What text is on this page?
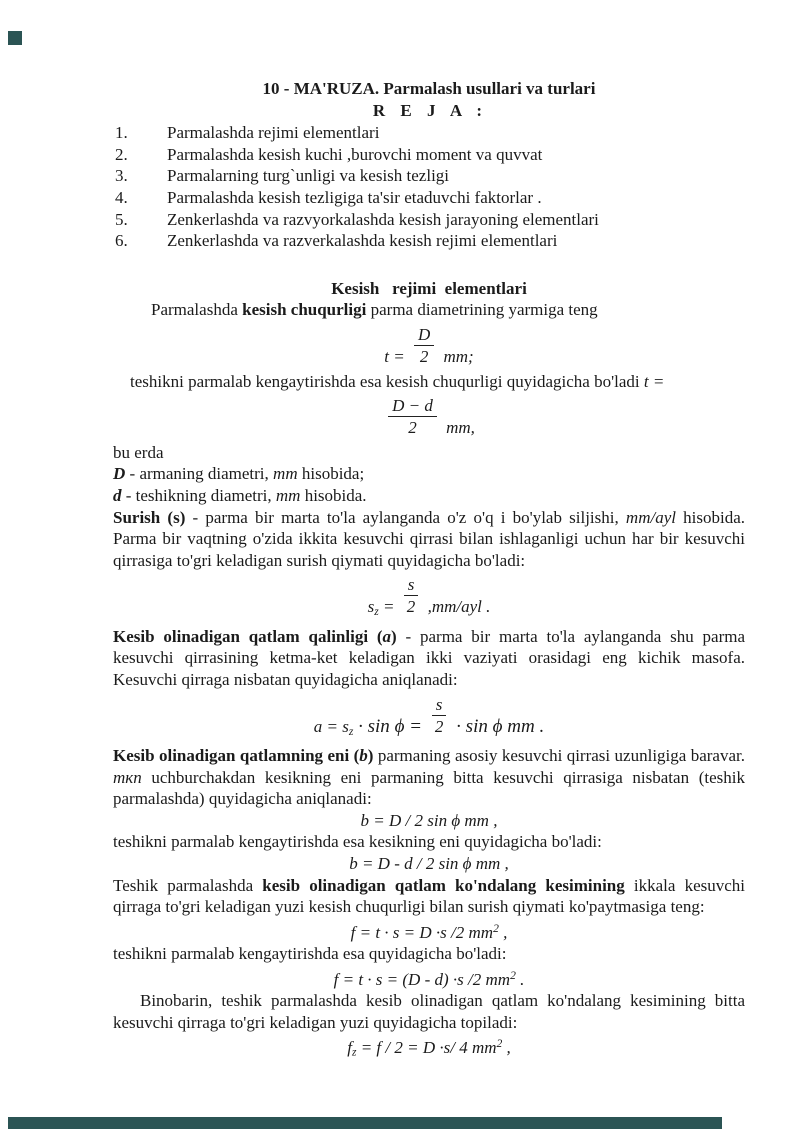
10 - MA'RUZA. Parmalash usullari va turlari
R E J A :
1.	Parmalashda rejimi elementlari
2.	Parmalashda kesish kuchi ,burovchi moment va quvvat
3.	Parmalarning turg`unligi va kesish tezligi
4.	Parmalashda kesish tezligiga ta'sir etaduvchi faktorlar .
5.	Zenkerlashda va razvyorkalashda kesish jarayoning elementlari
6.	Zenkerlashda va razverkalashda kesish rejimi elementlari
Kesish   rejimi  elementlari

Parmalashda kesish chuqurligi parma diametrining yarmiga teng

$t = \frac{D}{2}$ mm;

teshikni parmalab kengaytirishda esa kesish chuqurligi quyidagicha bo'ladi t =

$\frac{D - d}{2}$ mm,

bu erda

D - armaning diametri, mm hisobida;

d - teshikning diametri, mm hisobida.

Surish (s) - parma bir marta to'la aylanganda o'z o'q i bo'ylab siljishi, mm/ayl hisobida. Parma bir vaqtning o'zida ikkita kesuvchi qirrasi bilan ishlaganligi uchun har bir kesuvchi qirrasiga to'gri keladigan surish qiymati quyidagicha bo'ladi:

sz = $\frac{s}{2} ,mm/ayl$ .

Kesib olinadigan qatlam qalinligi (a) - parma bir marta to'la aylanganda shu parma kesuvchi qirrasining ketma-ket keladigan ikki vaziyati orasidagi eng kichik masofa. Kesuvchi qirraga nisbatan quyidagicha aniqlanadi:

a = sz · $\sin \phi = \frac{s}{2} \cdot \sin \phi$ mm .

Kesib olinadigan qatlamning eni (b) parmaning asosiy kesuvchi qirrasi uzunligiga baravar. mкn uchburchakdan kesikning eni parmaning bitta kesuvchi qirrasiga nisbatan (teshik parmalashda) quyidagicha aniqlanadi:

b = D / 2 sin ϕ mm ,

teshikni parmalab kengaytirishda esa kesikning eni quyidagicha bo'ladi:

b = D - d / 2 sin ϕ mm ,

Teshik parmalashda kesib olinadigan qatlam ko'ndalang kesimining ikkala kesuvchi qirraga to'gri keladigan yuzi kesish chuqurligi bilan surish qiymati ko'paytmasiga teng:

f = t · s = D ·s /2 $mm^2$ ,

teshikni parmalab kengaytirishda esa quyidagicha bo'ladi:

f = t · s = (D - d) ·s /2 $mm^2$ .

Binobarin, teshik parmalashda kesib olinadigan qatlam ko'ndalang kesimining bitta kesuvchi qirraga to'gri keladigan yuzi quyidagicha topiladi:

fz = f / 2 = D ·s/ 4 $mm^2$ ,
